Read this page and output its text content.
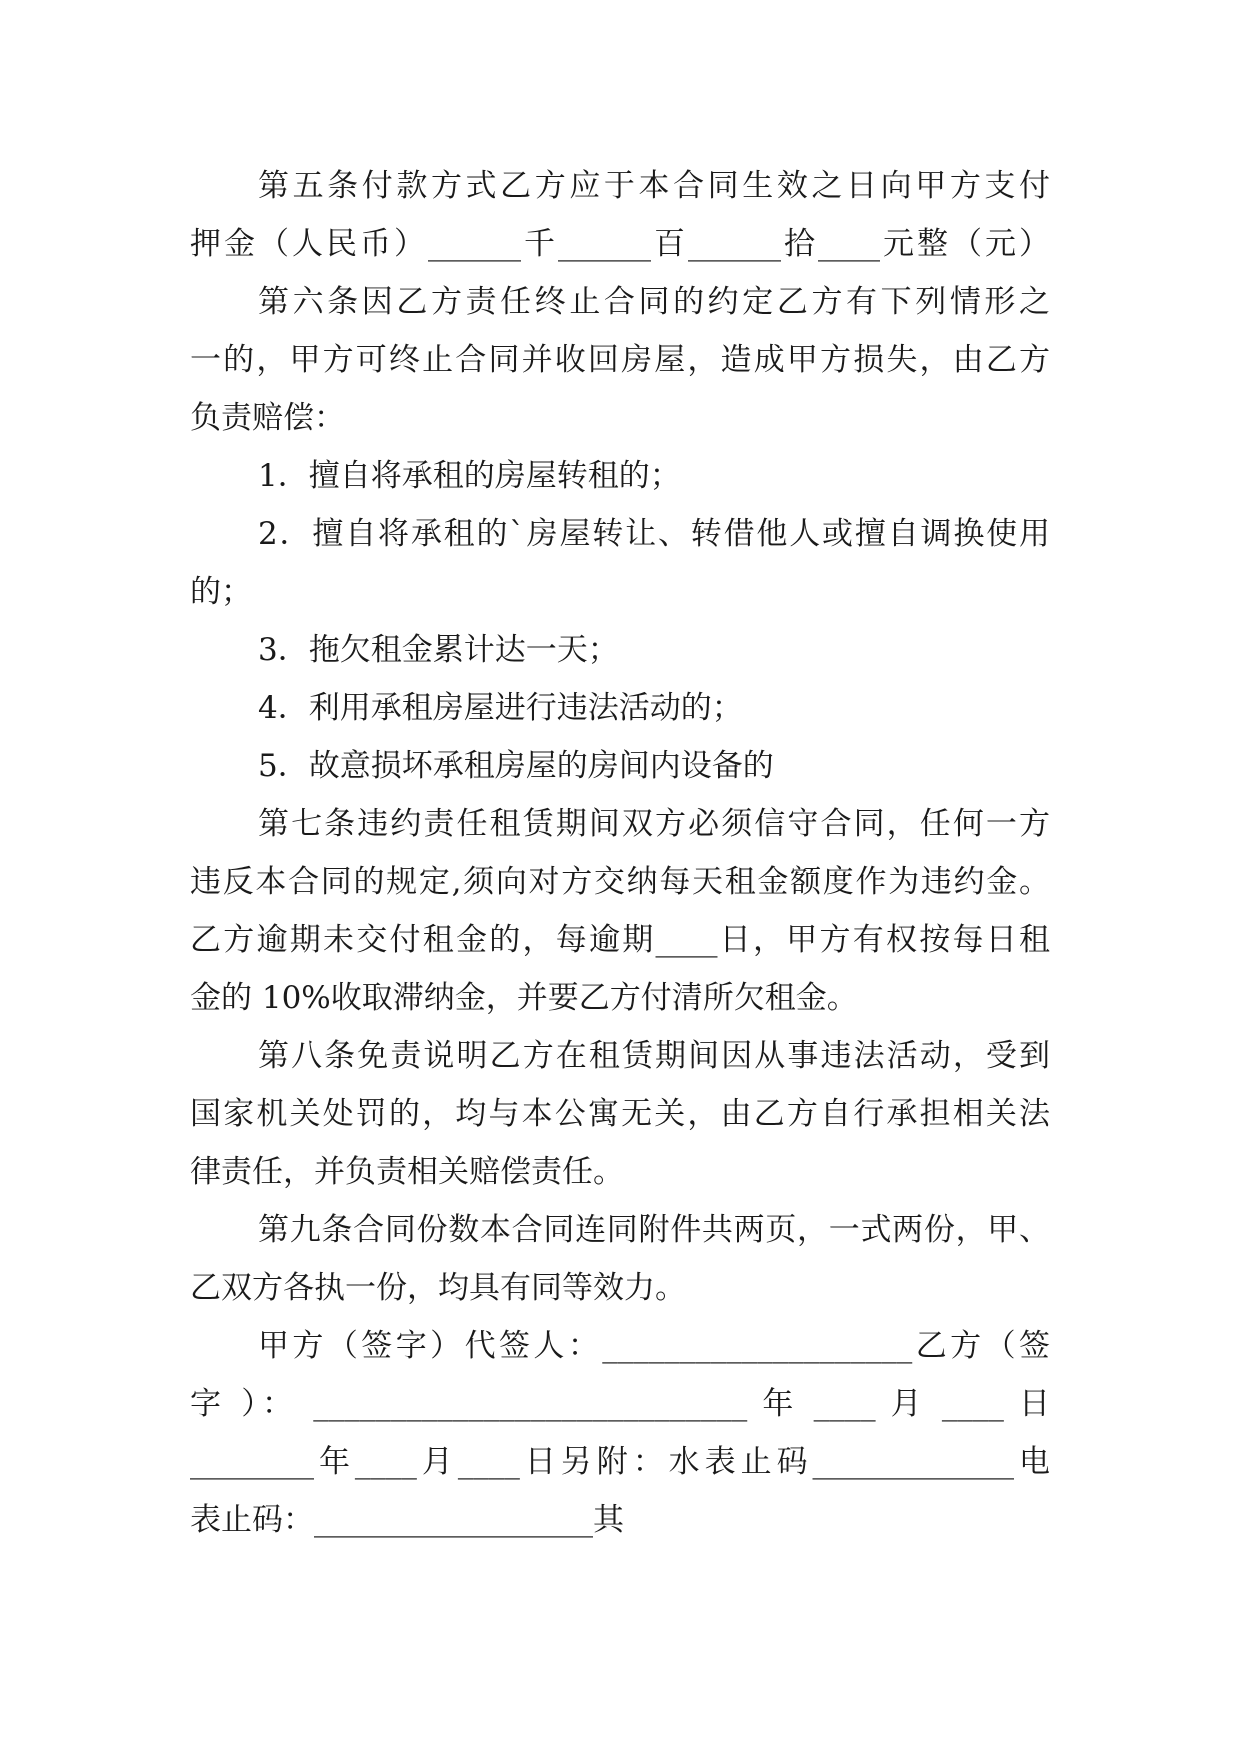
第五条付款方式乙方应于本合同生效之日向甲方支付
押金（人民币）______千______百______拾____元整（元）
第六条因乙方责任终止合同的约定乙方有下列情形之
一的，甲方可终止合同并收回房屋，造成甲方损失，由乙方
负责赔偿：
1．擅自将承租的房屋转租的；
2．擅自将承租的`房屋转让、转借他人或擅自调换使用
的；
3．拖欠租金累计达一天；
4．利用承租房屋进行违法活动的；
5．故意损坏承租房屋的房间内设备的
第七条违约责任租赁期间双方必须信守合同，任何一方
违反本合同的规定,须向对方交纳每天租金额度作为违约金。
乙方逾期未交付租金的，每逾期____日，甲方有权按每日租
金的 10%收取滞纳金，并要乙方付清所欠租金。
第八条免责说明乙方在租赁期间因从事违法活动，受到
国家机关处罚的，均与本公寓无关，由乙方自行承担相关法
律责任，并负责相关赔偿责任。
第九条合同份数本合同连同附件共两页，一式两份，甲、
乙双方各执一份，均具有同等效力。
甲方（签字）代签人：____________________乙方（签
字 ）： ____________________________ 年 ____ 月 ____ 日
________年____月____日另附：水表止码_____________电
表止码：__________________其
